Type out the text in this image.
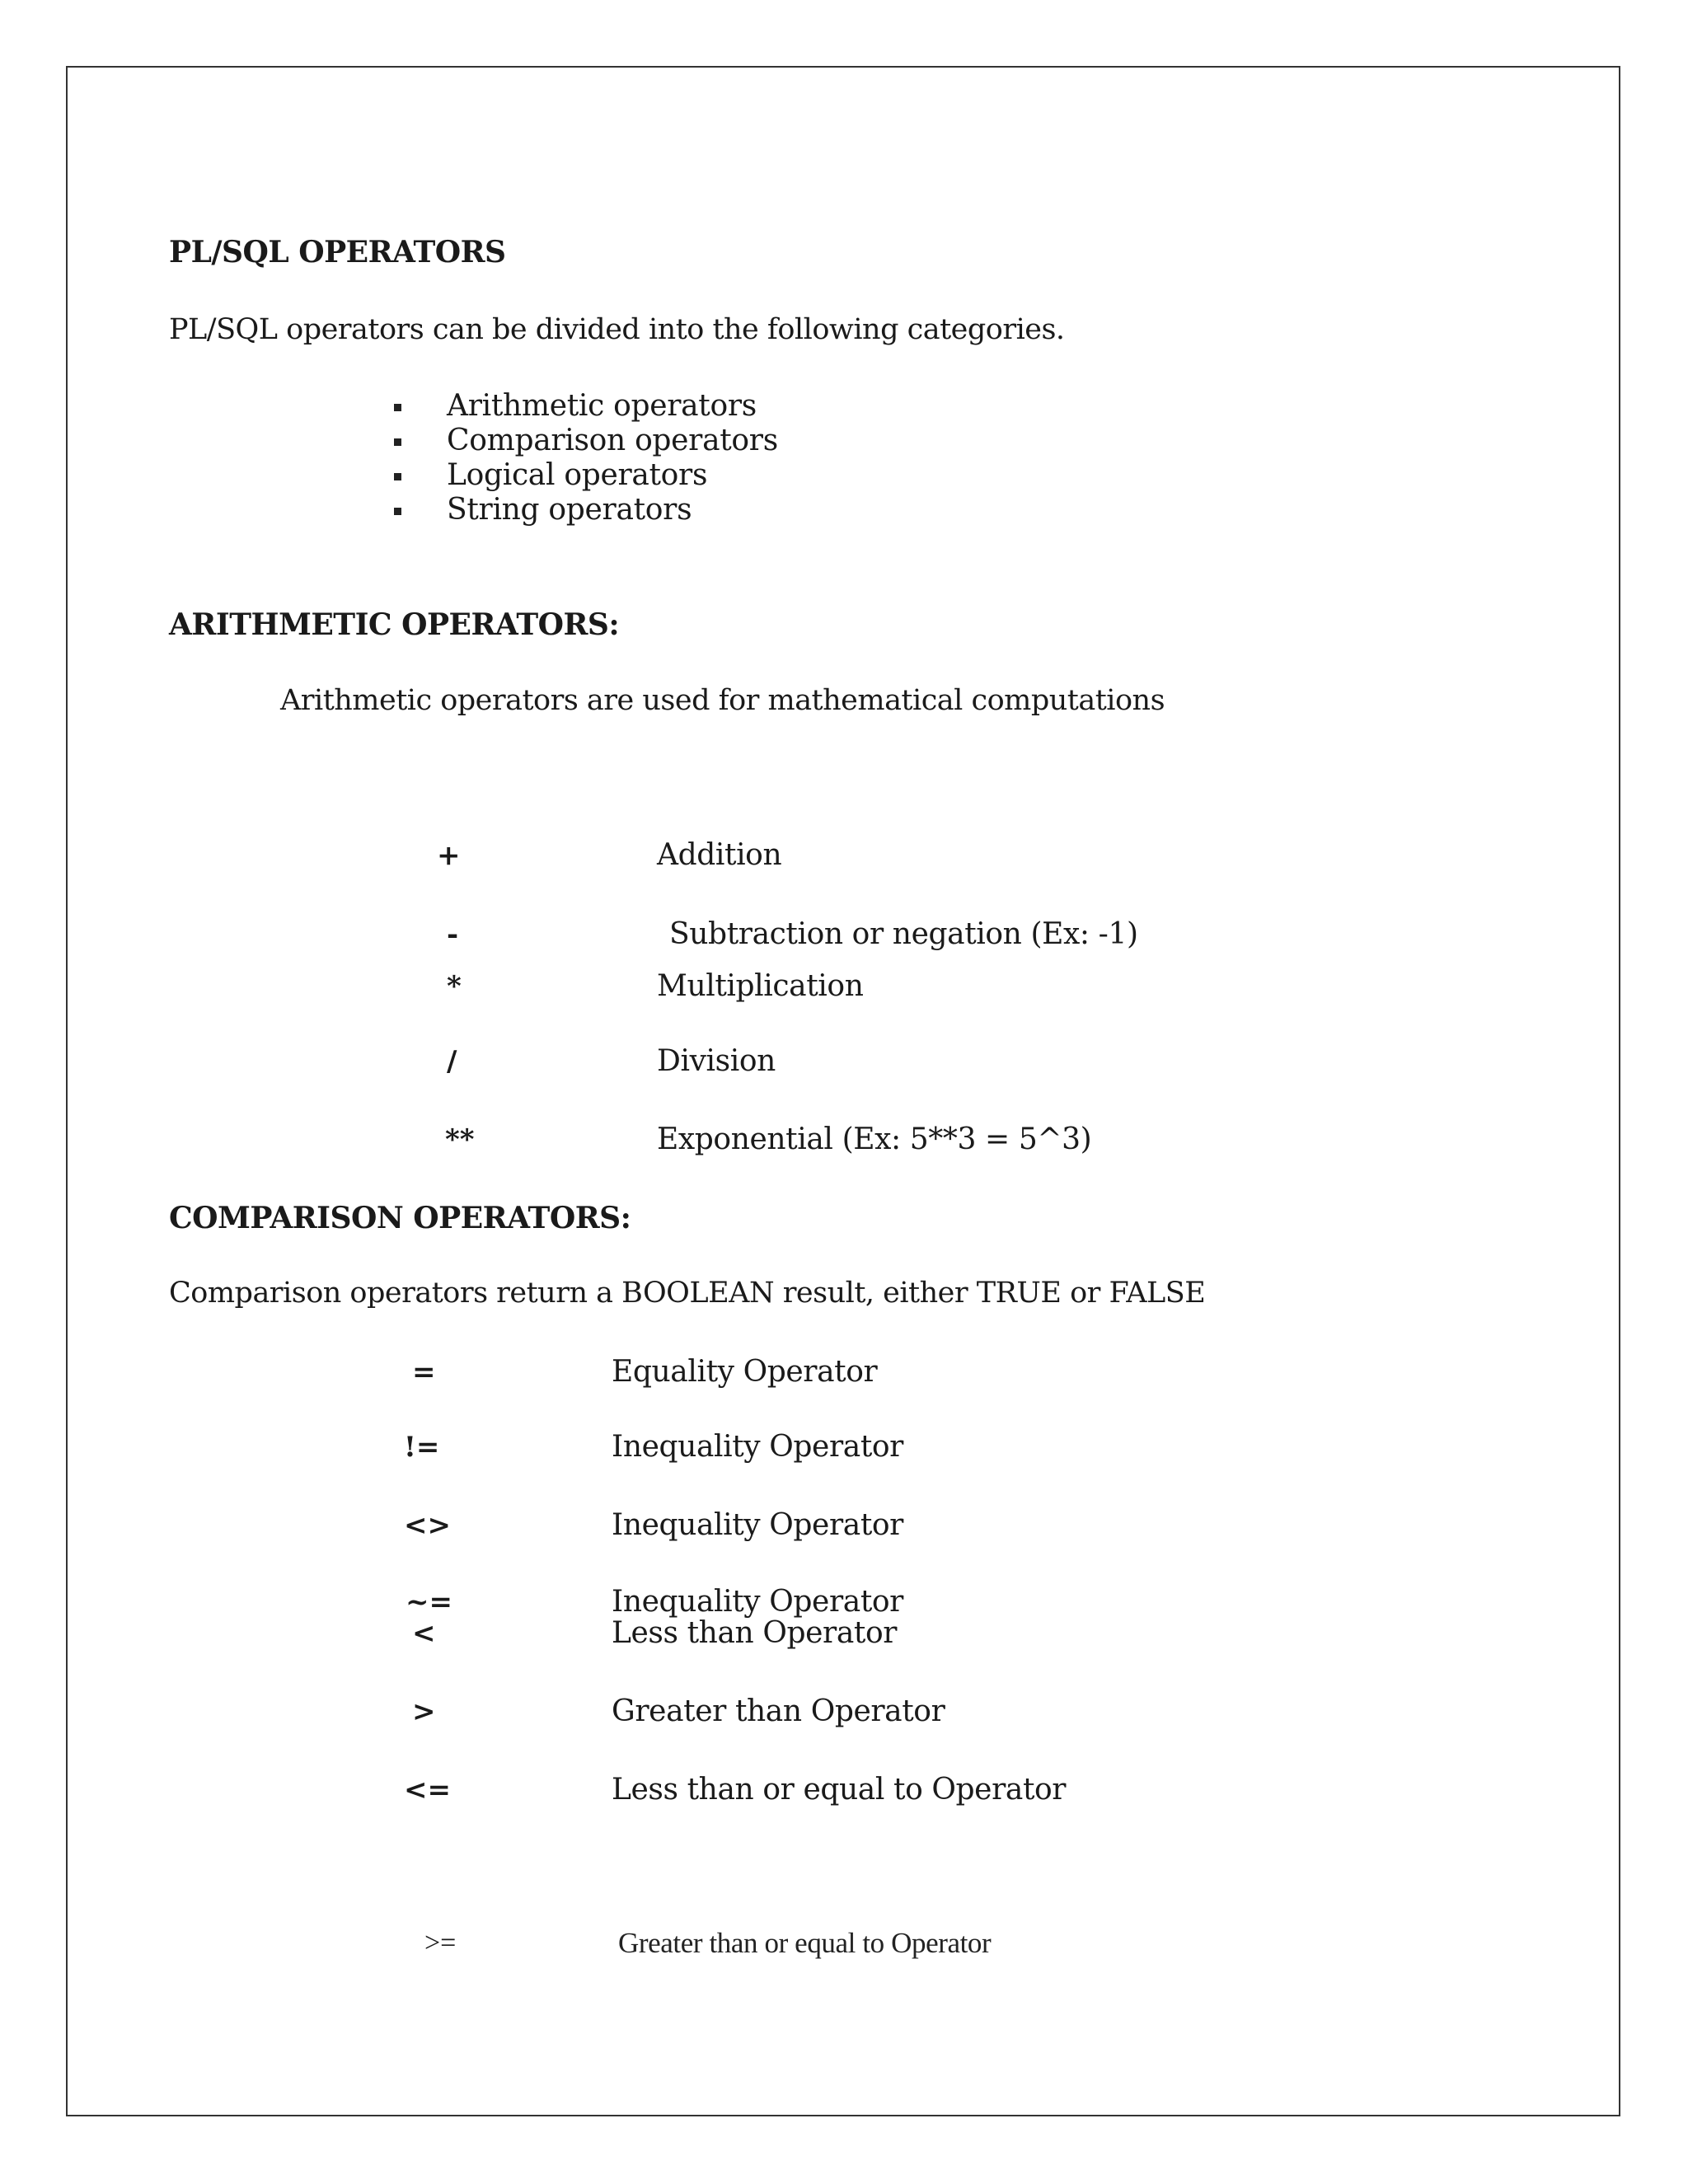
PL/SQL OPERATORS
PL/SQL operators can be divided into the following categories.
Arithmetic operators
Comparison operators
Logical operators
String operators
ARITHMETIC OPERATORS:
Arithmetic operators are used for mathematical computations
+	Addition
-	Subtraction or negation (Ex: -1)
*	Multiplication
/	Division
**	Exponential (Ex: 5**3 = 5^3)
COMPARISON OPERATORS:
Comparison operators return a BOOLEAN result, either TRUE or FALSE
=	Equality Operator
!=	Inequality Operator
<>	Inequality Operator
~=	Inequality Operator
<	Less than Operator
>	Greater than Operator
<=	Less than or equal to Operator
>=	Greater than or equal to Operator
